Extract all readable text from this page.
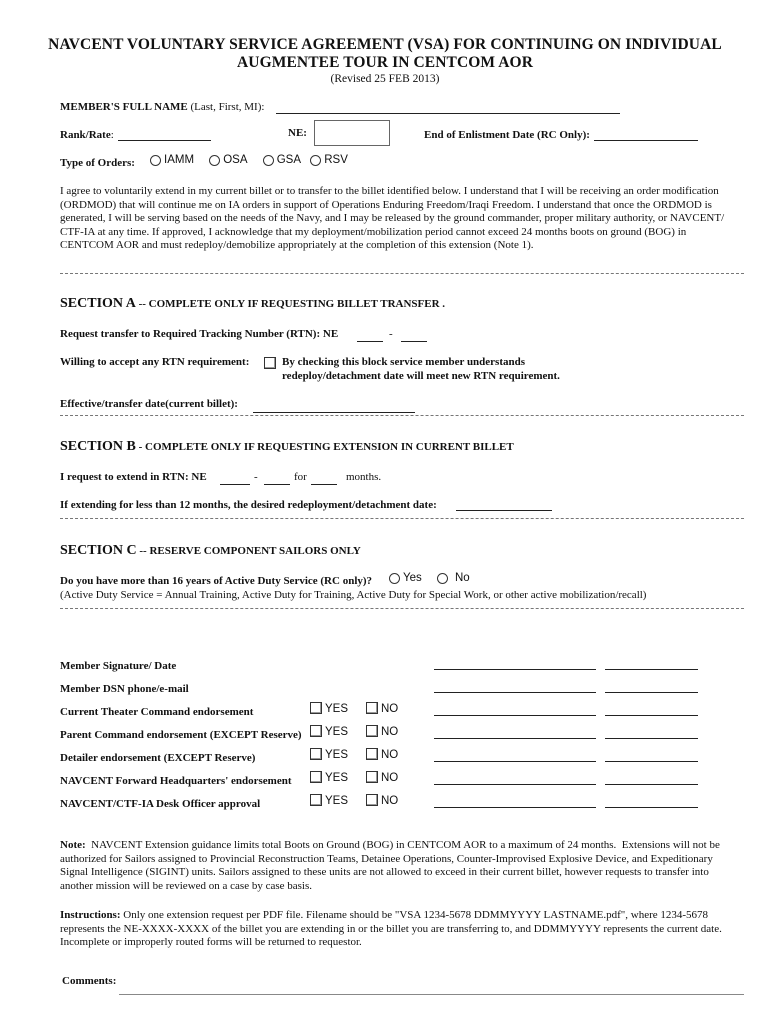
NAVCENT VOLUNTARY SERVICE AGREEMENT (VSA) FOR CONTINUING ON INDIVIDUAL
AUGMENTEE TOUR IN CENTCOM AOR
(Revised 25 FEB 2013)
MEMBER'S FULL NAME (Last, First, MI):
Rank/Rate:	NE:	End of Enlistment Date (RC Only):
Type of Orders:	IAMM
	OSA
	GSA
RSV
I agree to voluntarily extend in my current billet or to transfer to the billet identified below. I understand that I will be receiving an order modification
(ORDMOD) that will continue me on IA orders in support of Operations Enduring Freedom/Iraqi Freedom. I understand that once the ORDMOD is
generated, I will be serving based on the needs of the Navy, and I may be released by the ground commander, proper military authority, or NAVCENT/
CTF-IA at any time. If approved, I acknowledge that my deployment/mobilization period cannot exceed 24 months boots on ground (BOG) in
CENTCOM AOR and must redeploy/demobilize appropriately at the completion of this extension (Note 1).
SECTION A -- COMPLETE ONLY IF REQUESTING BILLET TRANSFER .
Request transfer to Required Tracking Number (RTN): NE	-
Willing to accept any RTN requirement:	By checking this block service member understands
redeploy/detachment date will meet new RTN requirement.
Effective/transfer date(current billet):
SECTION B - COMPLETE ONLY IF REQUESTING EXTENSION IN CURRENT BILLET
I request to extend in RTN: NE	-	for	months.
If extending for less than 12 months, the desired redeployment/detachment date:
SECTION C -- RESERVE COMPONENT SAILORS ONLY
Do you have more than 16 years of Active Duty Service (RC only)?	Yes
	No
(Active Duty Service = Annual Training, Active Duty for Training, Active Duty for Special Work, or other active mobilization/recall)
Member Signature/ Date
Member DSN phone/e-mail
Current Theater Command endorsement	YES	NO
Parent Command endorsement (EXCEPT Reserve)	YES	NO
Detailer endorsement (EXCEPT Reserve)	YES	NO
NAVCENT Forward Headquarters' endorsement	YES	NO
NAVCENT/CTF-IA Desk Officer approval	YES	NO
Note:  NAVCENT Extension guidance limits total Boots on Ground (BOG) in CENTCOM AOR to a maximum of 24 months.  Extensions will not be
authorized for Sailors assigned to Provincial Reconstruction Teams, Detainee Operations, Counter-Improvised Explosive Device, and Expeditionary
Signal Intelligence (SIGINT) units. Sailors assigned to these units are not allowed to exceed in their current billet, however requests to transfer into
another mission will be reviewed on a case by case basis.
Instructions: Only one extension request per PDF file. Filename should be "VSA 1234-5678 DDMMYYYY LASTNAME.pdf", where 1234-5678
represents the NE-XXXX-XXXX of the billet you are extending in or the billet you are transferring to, and DDMMYYYY represents the current date.
Incomplete or improperly routed forms will be returned to requestor.
Comments:
